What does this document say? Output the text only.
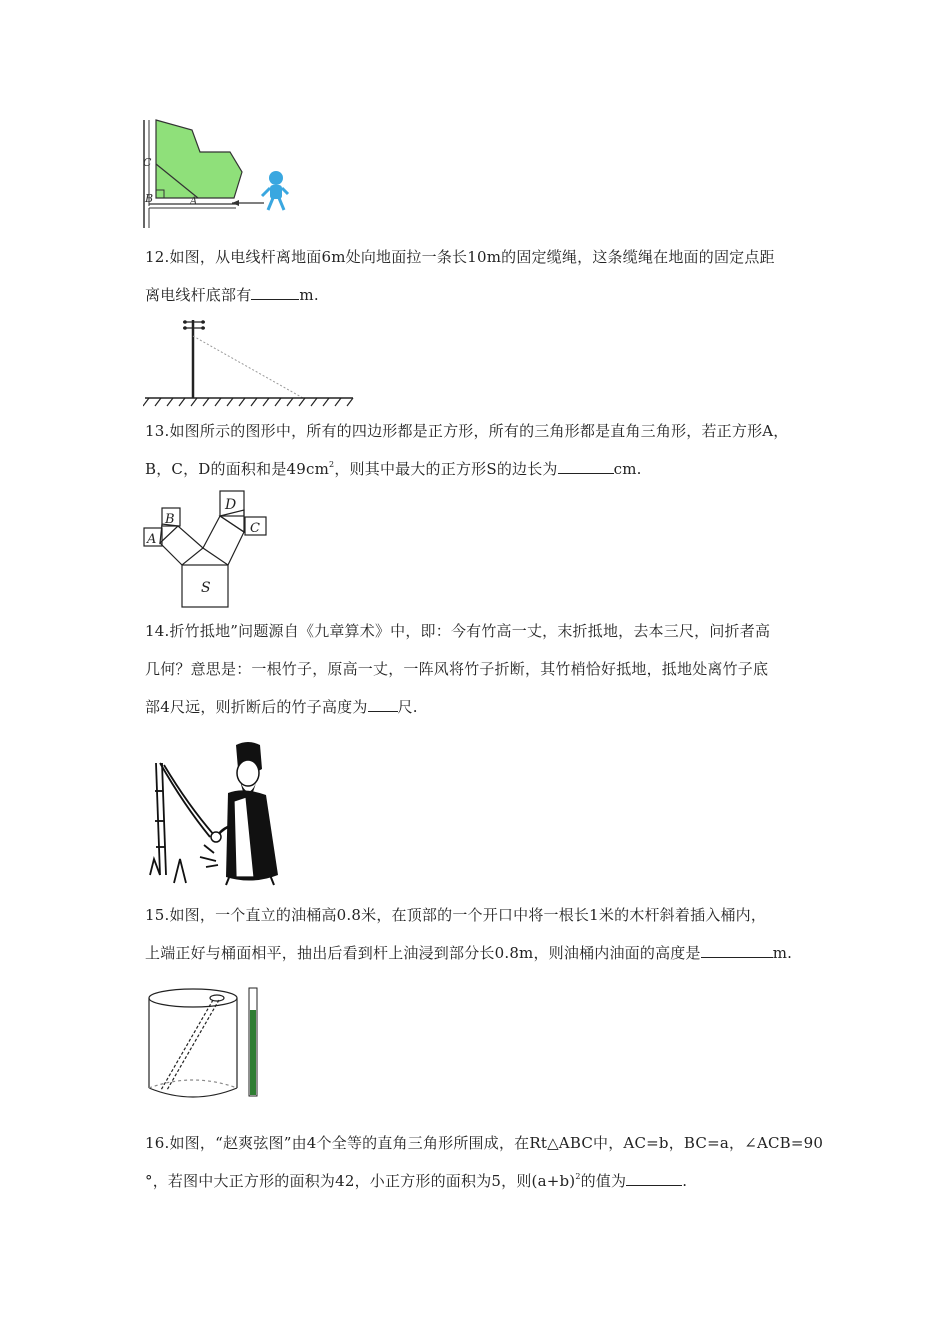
C
B	A
12.如图，从电线杆离地面6m处向地面拉一条长10m的固定缆绳，这条缆绳在地面的固定点距
离电线杆底部有	m.
13.如图所示的图形中，所有的四边形都是正方形，所有的三角形都是直角三角形，若正方形A，
B，C，D的面积和是$49cm^2$，则其中最大的正方形S的边长为	cm.
A
B
D
C
S
14.折竹抵地”问题源自《九章算术》中，即：今有竹高一丈，末折抵地，去本三尺，问折者高
几何？意思是：一根竹子，原高一丈，一阵风将竹子折断，其竹梢恰好抵地，抵地处离竹子底
部4尺远，则折断后的竹子高度为 尺.
15.如图，一个直立的油桶高0.8米，在顶部的一个开口中将一根长1米的木杆斜着插入桶内，
上端正好与桶面相平，抽出后看到杆上油浸到部分长0.8m，则油桶内油面的高度是	m.
16.如图，“赵爽弦图”由4个全等的直角三角形所围成，在Rt△ABC中，AC=b，BC=a，∠ACB=90
°，若图中大正方形的面积为42，小正方形的面积为5，则$(a+b)^2$的值为	.
